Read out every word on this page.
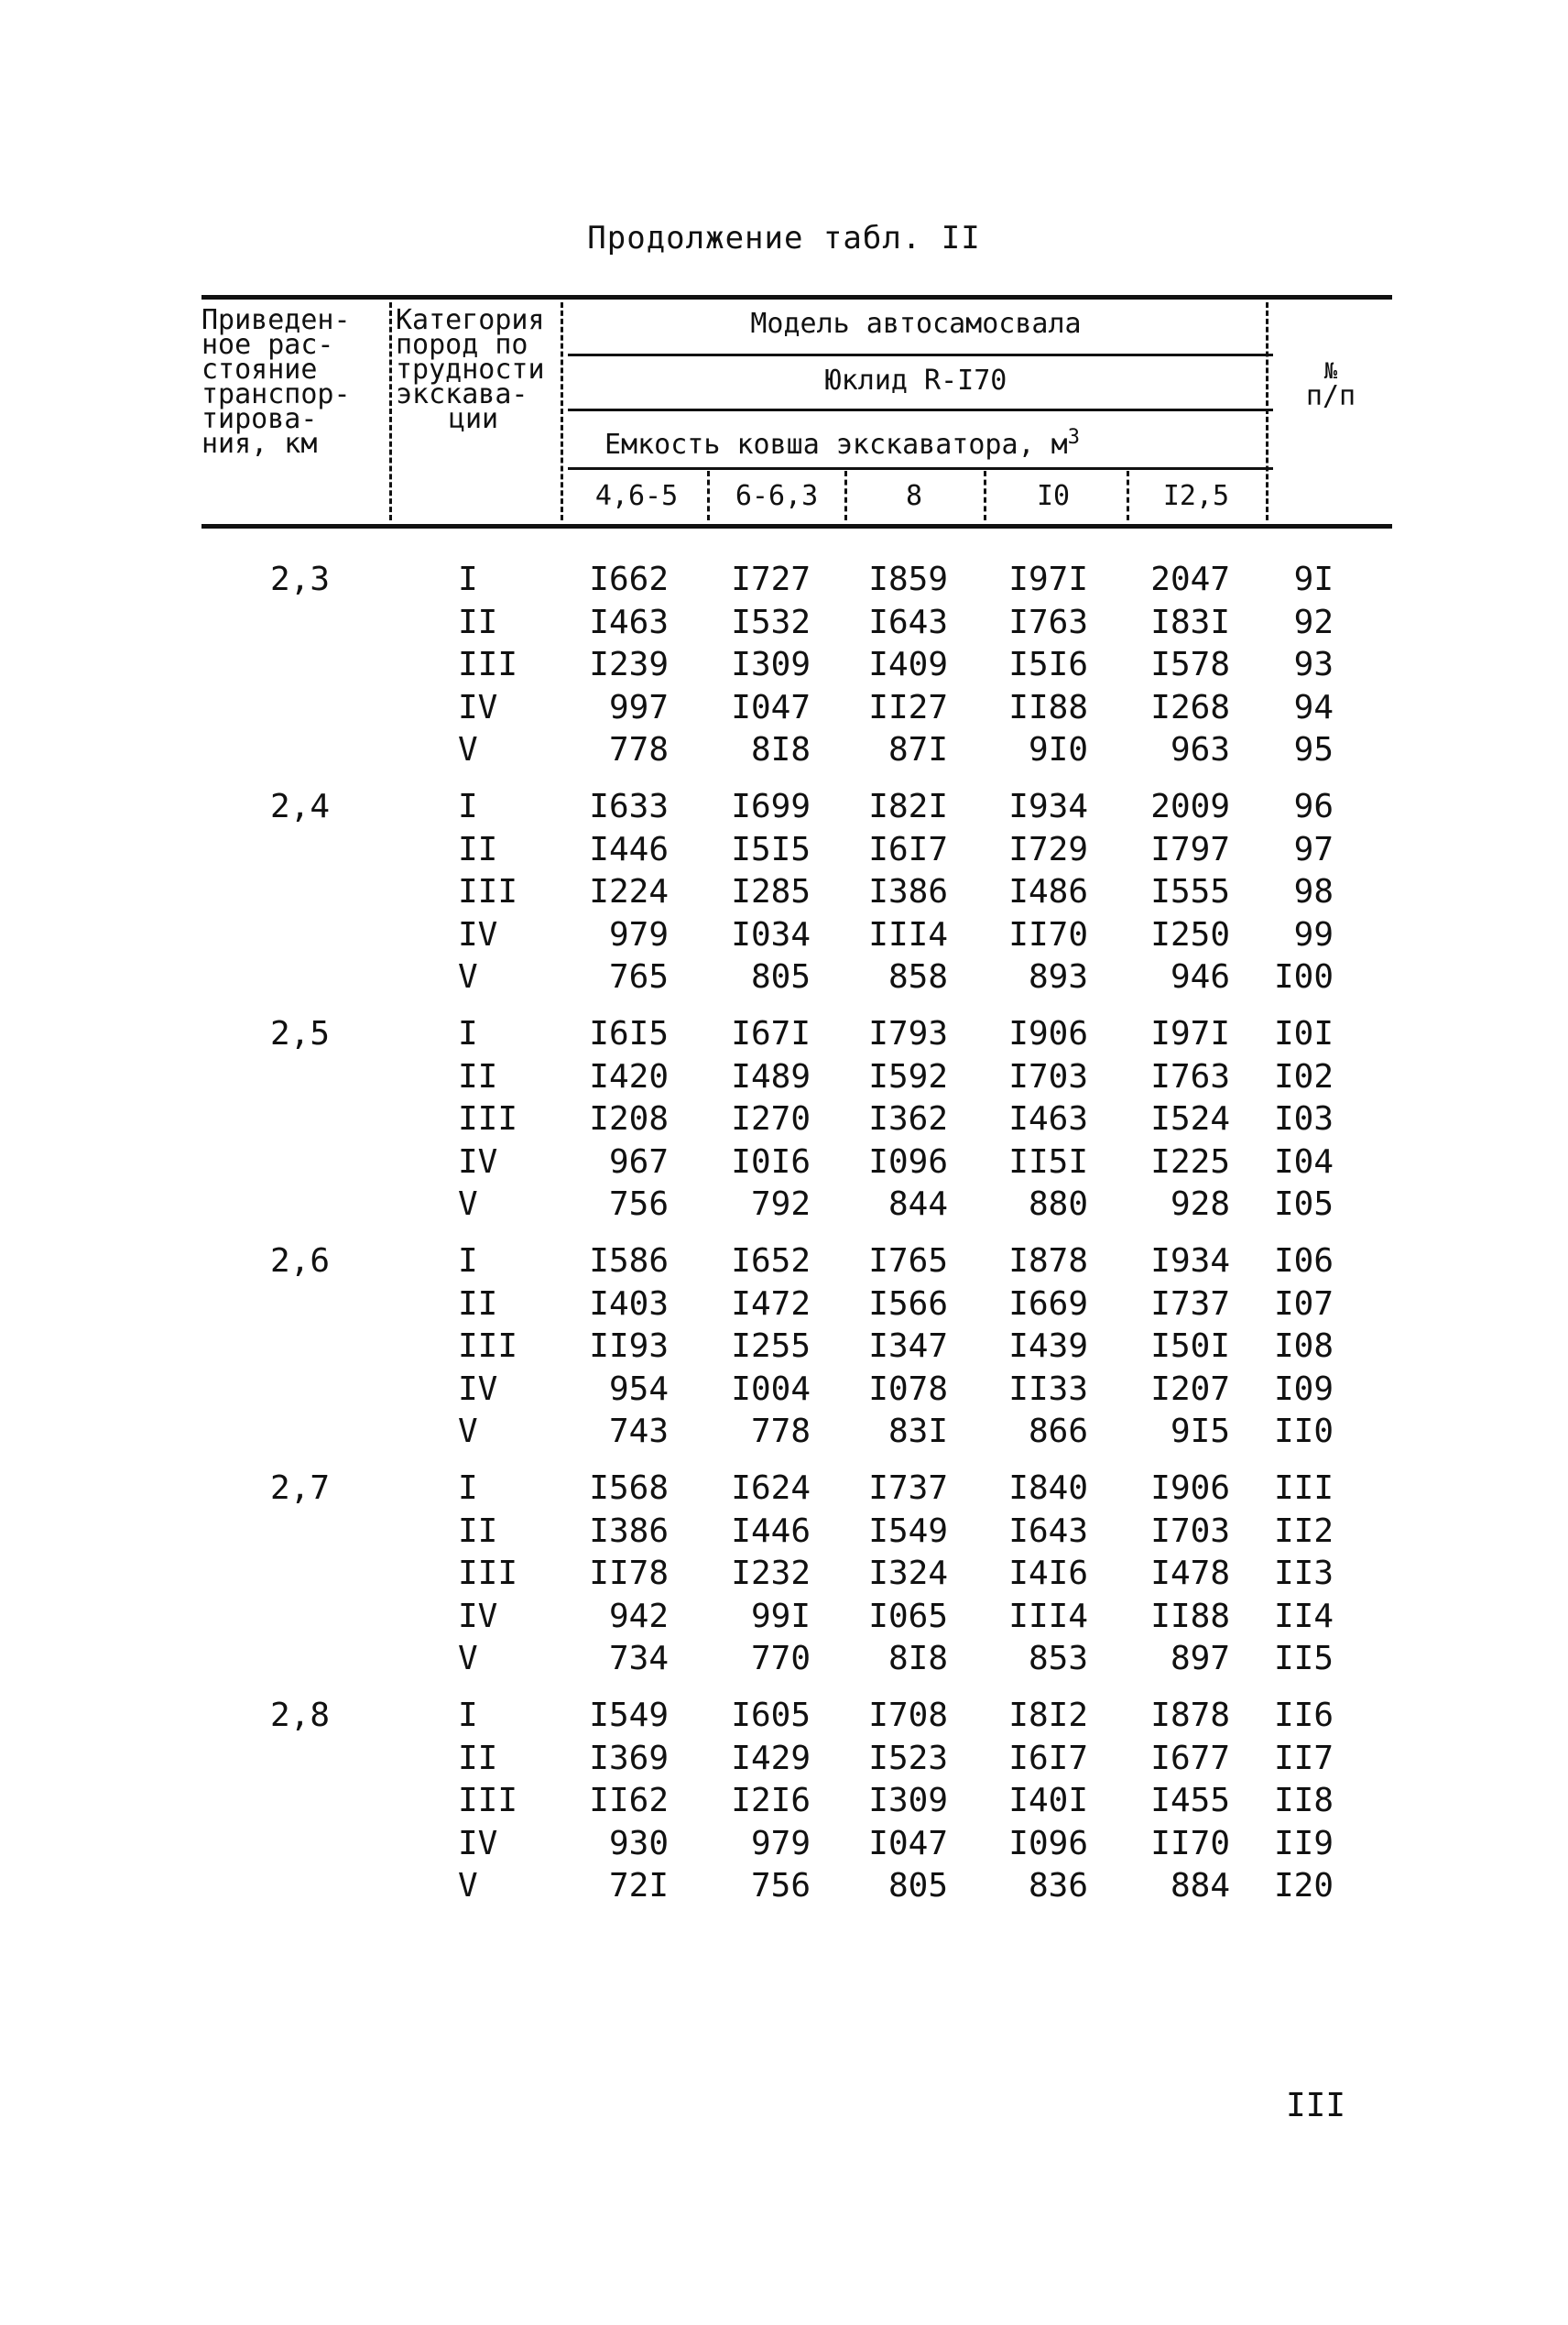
Продолжение табл. II
Приведен-
ное рас-
стояние
транспор-
тирова-
ния, км
Категория
пород по
трудности
экскава-
ции
Модель автосамосвала
Юклид R-I70
Емкость ковша экскаватора, $м^3$
4,6-5	6-6,3	8	I0	I2,5
№
п/п
2,3	I	I662	I727	I859	I97I	2047	9I
II	I463	I532	I643	I763	I83I	92
III	I239	I309	I409	I5I6	I578	93
IV	997	I047	II27	II88	I268	94
V	778	8I8	87I	9I0	963	95
2,4	I	I633	I699	I82I	I934	2009	96
II	I446	I5I5	I6I7	I729	I797	97
III	I224	I285	I386	I486	I555	98
IV	979	I034	III4	II70	I250	99
V	765	805	858	893	946	I00
2,5	I	I6I5	I67I	I793	I906	I97I	I0I
II	I420	I489	I592	I703	I763	I02
III	I208	I270	I362	I463	I524	I03
IV	967	I0I6	I096	II5I	I225	I04
V	756	792	844	880	928	I05
2,6	I	I586	I652	I765	I878	I934	I06
II	I403	I472	I566	I669	I737	I07
III	II93	I255	I347	I439	I50I	I08
IV	954	I004	I078	II33	I207	I09
V	743	778	83I	866	9I5	II0
2,7	I	I568	I624	I737	I840	I906	III
II	I386	I446	I549	I643	I703	II2
III	II78	I232	I324	I4I6	I478	II3
IV	942	99I	I065	III4	II88	II4
V	734	770	8I8	853	897	II5
2,8	I	I549	I605	I708	I8I2	I878	II6
II	I369	I429	I523	I6I7	I677	II7
III	II62	I2I6	I309	I40I	I455	II8
IV	930	979	I047	I096	II70	II9
V	72I	756	805	836	884	I20
III
